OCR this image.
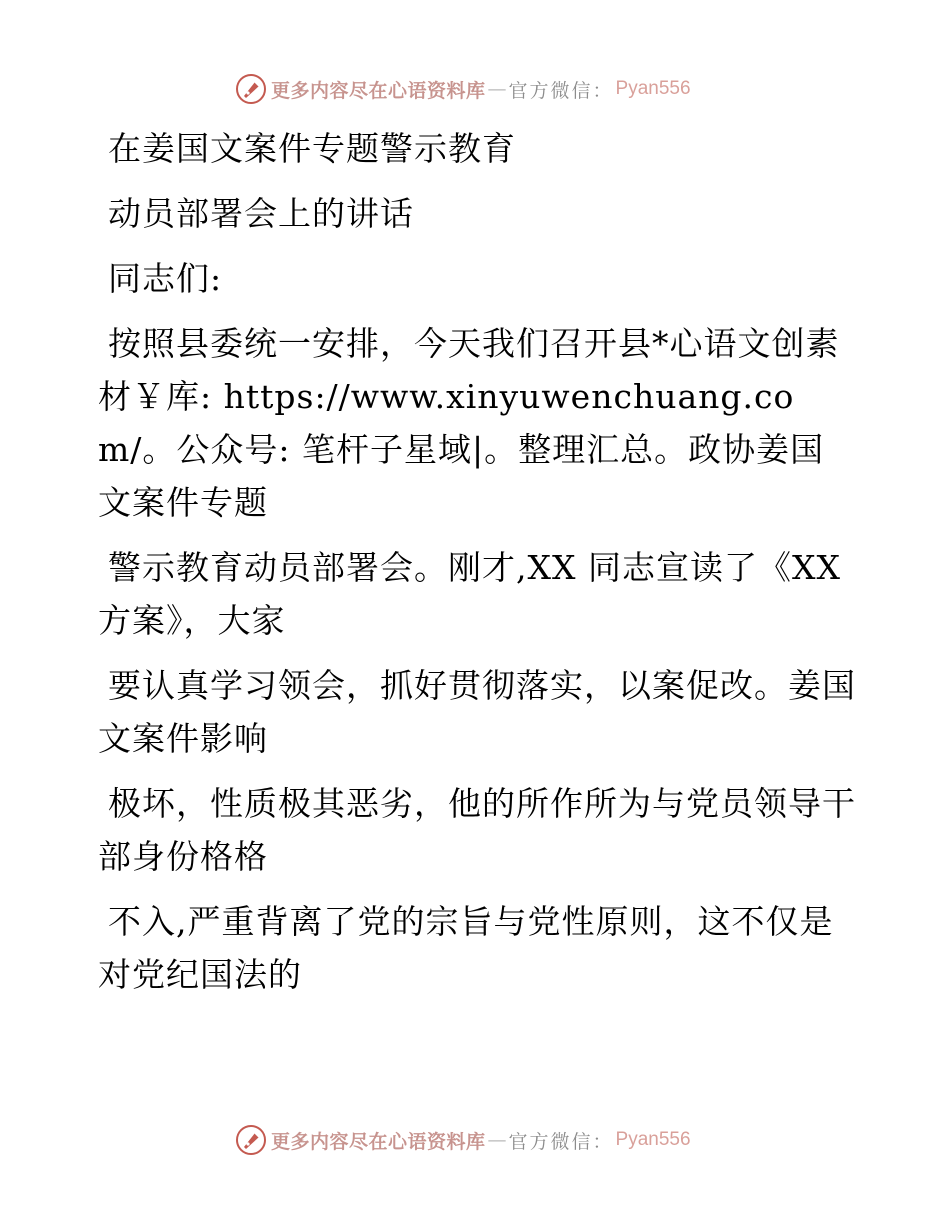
更多内容尽在心语资料库 — 官方微信： Pyan556

在姜国文案件专题警示教育

动员部署会上的讲话

同志们:

按照县委统一安排，今天我们召开县*心语文创素材￥库: https://www.xinyuwenchuang.com/。公众号: 笔杆子星域|。整理汇总。政协姜国文案件专题

警示教育动员部署会。刚才,XX 同志宣读了《XX方案》，大家

要认真学习领会，抓好贯彻落实，以案促改。姜国文案件影响

极坏，性质极其恶劣，他的所作所为与党员领导干部身份格格

不入,严重背离了党的宗旨与党性原则，这不仅是对党纪国法的

更多内容尽在心语资料库 — 官方微信： Pyan556
